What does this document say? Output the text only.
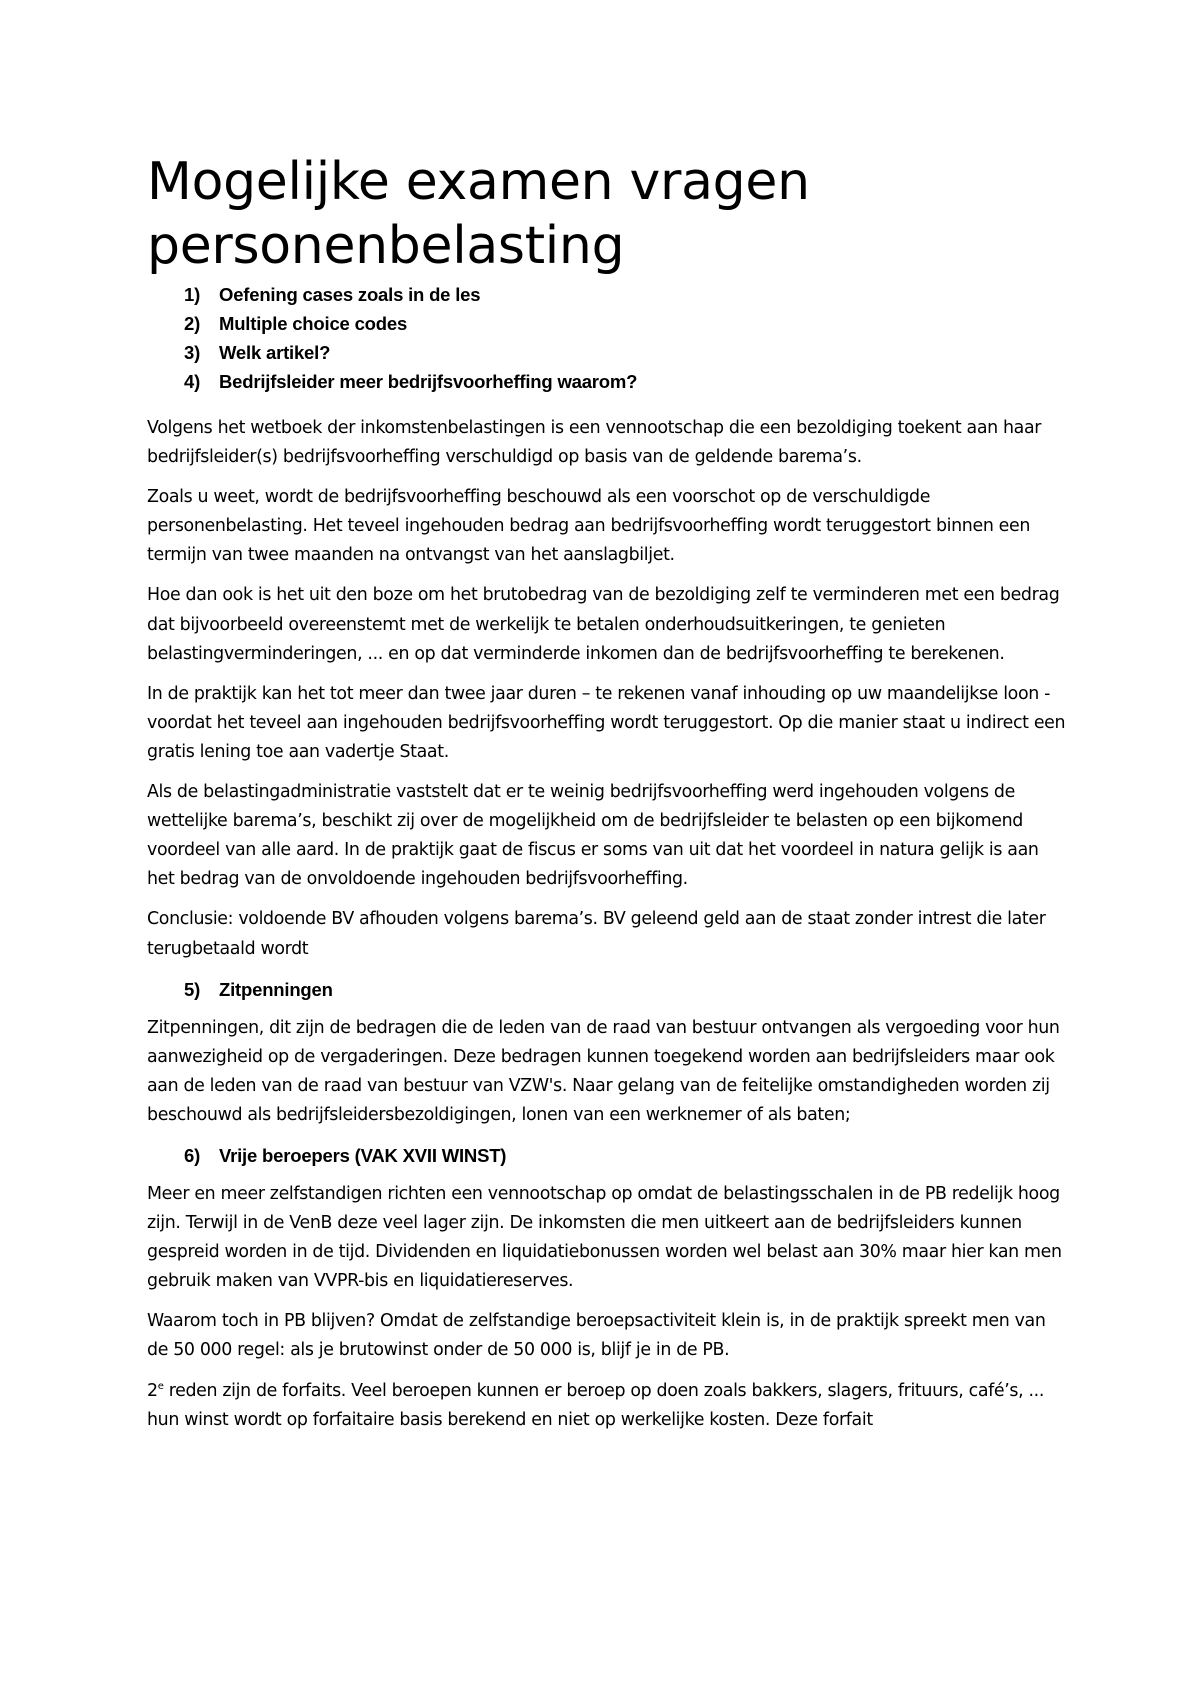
Mogelijke examen vragen
personenbelasting
1)	Oefening cases zoals in de les
2)	Multiple choice codes
3)	Welk artikel?
4)	Bedrijfsleider meer bedrijfsvoorheffing waarom?

Volgens het wetboek der inkomstenbelastingen is een vennootschap die een bezoldiging toekent aan haar bedrijfsleider(s) bedrijfsvoorheffing verschuldigd op basis van de geldende barema’s.

Zoals u weet, wordt de bedrijfsvoorheffing beschouwd als een voorschot op de verschuldigde personenbelasting. Het teveel ingehouden bedrag aan bedrijfsvoorheffing wordt teruggestort binnen een termijn van twee maanden na ontvangst van het aanslagbiljet.

Hoe dan ook is het uit den boze om het brutobedrag van de bezoldiging zelf te verminderen met een bedrag dat bijvoorbeeld overeenstemt met de werkelijk te betalen onderhoudsuitkeringen, te genieten belastingverminderingen, ... en op dat verminderde inkomen dan de bedrijfsvoorheffing te berekenen.

In de praktijk kan het tot meer dan twee jaar duren – te rekenen vanaf inhouding op uw maandelijkse loon - voordat het teveel aan ingehouden bedrijfsvoorheffing wordt teruggestort. Op die manier staat u indirect een gratis lening toe aan vadertje Staat.

Als de belastingadministratie vaststelt dat er te weinig bedrijfsvoorheffing werd ingehouden volgens de wettelijke barema’s, beschikt zij over de mogelijkheid om de bedrijfsleider te belasten op een bijkomend voordeel van alle aard. In de praktijk gaat de fiscus er soms van uit dat het voordeel in natura gelijk is aan het bedrag van de onvoldoende ingehouden bedrijfsvoorheffing.

Conclusie: voldoende BV afhouden volgens barema’s. BV geleend geld aan de staat zonder intrest die later terugbetaald wordt

5)	Zitpenningen

Zitpenningen, dit zijn de bedragen die de leden van de raad van bestuur ontvangen als vergoeding voor hun aanwezigheid op de vergaderingen. Deze bedragen kunnen toegekend worden aan bedrijfsleiders maar ook aan de leden van de raad van bestuur van VZW's. Naar gelang van de feitelijke omstandigheden worden zij beschouwd als bedrijfsleidersbezoldigingen, lonen van een werknemer of als baten;

6)	Vrije beroepers (VAK XVII WINST)

Meer en meer zelfstandigen richten een vennootschap op omdat de belastingsschalen in de PB redelijk hoog zijn. Terwijl in de VenB deze veel lager zijn. De inkomsten die men uitkeert aan de bedrijfsleiders kunnen gespreid worden in de tijd. Dividenden en liquidatiebonussen worden wel belast aan 30% maar hier kan men gebruik maken van VVPR-bis en liquidatiereserves.

Waarom toch in PB blijven? Omdat de zelfstandige beroepsactiviteit klein is, in de praktijk spreekt men van de 50 000 regel: als je brutowinst onder de 50 000 is, blijf je in de PB.

2e reden zijn de forfaits. Veel beroepen kunnen er beroep op doen zoals bakkers, slagers, frituurs, café’s, ... hun winst wordt op forfaitaire basis berekend en niet op werkelijke kosten. Deze forfait
